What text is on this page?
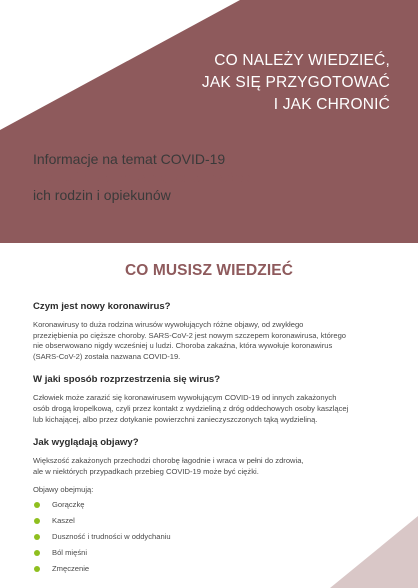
CO NALEŻY WIEDZIEĆ,
JAK SIĘ PRZYGOTOWAĆ
I JAK CHRONIĆ
Informacje na temat COVID-19
dla osób z obniżoną odpornością,
ich rodzin i opiekunów
CO MUSISZ WIEDZIEĆ
Czym jest nowy koronawirus?
Koronawirusy to duża rodzina wirusów wywołujących różne objawy, od zwykłego
przeziębienia po cięższe choroby. SARS-CoV-2 jest nowym szczepem koronawirusa, którego
nie obserwowano nigdy wcześniej u ludzi. Choroba zakaźna, która wywołuje koronawirus
(SARS-CoV-2) została nazwana COVID-19.
W jaki sposób rozprzestrzenia się wirus?
Człowiek może zarazić się koronawirusem wywołującym COVID-19 od innych zakażonych
osób drogą kropelkową, czyli przez kontakt z wydzieliną z dróg oddechowych osoby kaszlącej
lub kichającej, albo przez dotykanie powierzchni zanieczyszczonych tąką wydzieliną.
Jak wyglądają objawy?
Większość zakażonych przechodzi chorobę łagodnie i wraca w pełni do zdrowia,
ale w niektórych przypadkach przebieg COVID-19 może być ciężki.
Objawy obejmują:
Gorączkę
Kaszel
Duszność i trudności w oddychaniu
Ból mięśni
Zmęczenie
